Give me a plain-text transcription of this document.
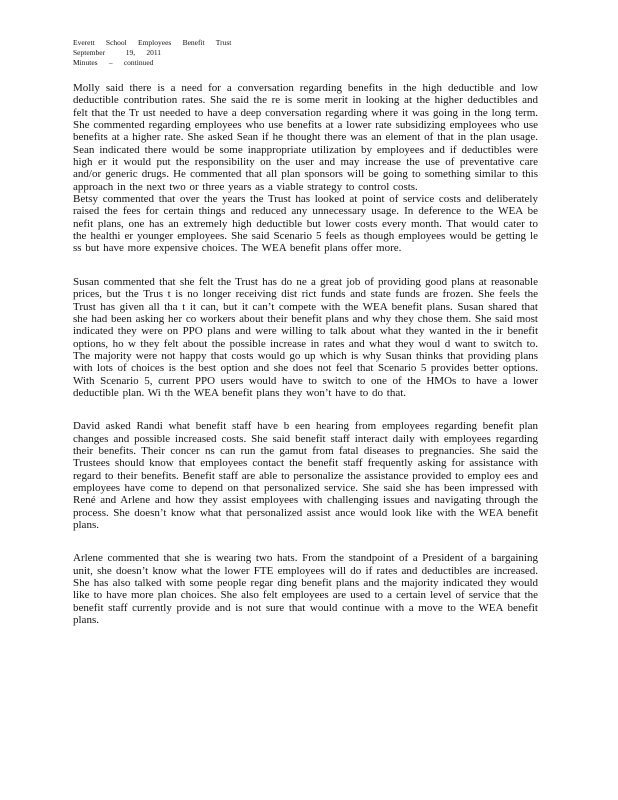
Everett      School      Employees      Benefit      Trust
September           19,      2011
Minutes      –      continued

Molly said there is a need for a conversation regarding benefits in the high deductible and low deductible contribution rates. She said the re is some merit in looking at the higher deductibles and felt that the Tr ust needed to have a deep conversation regarding where it was going in the long term. She commented regarding employees who use benefits at a lower rate subsidizing employees who use benefits at a higher rate. She asked Sean if he thought there was an element of that in the plan usage. Sean indicated there would be some inappropriate utilization by employees and if deductibles were high er it would put the responsibility on the user and may increase the use of preventative care and/or generic drugs. He commented that all plan sponsors will be going to something similar to this approach in the next two or three years as a viable strategy to control costs.

Betsy commented that over the years the Trust has looked at point of service costs and deliberately raised the fees for certain things and reduced any unnecessary usage. In deference to the WEA be nefit plans, one has an extremely high deductible but lower costs every month. That would cater to the healthi er younger employees. She said Scenario 5 feels as though employees would be getting le ss but have more expensive choices. The WEA benefit plans offer more.

Susan commented that she felt the Trust has do ne a great job of providing good plans at reasonable prices, but the Trus t is no longer receiving dist rict funds and state funds are frozen. She feels the Trust has given all tha t it can, but it can’t compete with the WEA benefit plans. Susan shared that she had been asking her co workers about their benefit plans and why they chose them. She said most indicated they were on PPO plans and were willing to talk about what they wanted in the ir benefit options, ho w they felt about the possible increase in rates and what they woul d want to switch to. The majority were not happy that costs would go up which is why Susan thinks that providing plans with lots of choices is the best option and she does not feel that Scenario 5 provides better options. With Scenario 5, current PPO users would have to switch to one of the HMOs to have a lower deductible plan. Wi th the WEA benefit plans they won’t have to do that.

David asked Randi what benefit staff have b een hearing from employees regarding benefit plan changes and possible increased costs. She said benefit staff interact daily with employees regarding their benefits. Their concer ns can run the gamut from fatal diseases to pregnancies. She said the Trustees should know that employees contact the benefit staff frequently asking for assistance with regard to their benefits. Benefit staff are able to personalize the assistance provided to employ ees and employees have come to depend on that personalized service. She said she has been impressed with René and Arlene and how they assist employees with challenging issues and navigating through the process. She doesn’t know what that personalized assist ance would look like with the WEA benefit plans.

Arlene commented that she is wearing two hats. From the standpoint of a President of a bargaining unit, she doesn’t know what the lower FTE employees will do if rates and deductibles are increased. She has also talked with some people regar ding benefit plans and the majority indicated they would like to have more plan choices. She also felt employees are used to a certain level of service that the benefit staff currently provide and is not sure that would continue with a move to the WEA benefit plans.
